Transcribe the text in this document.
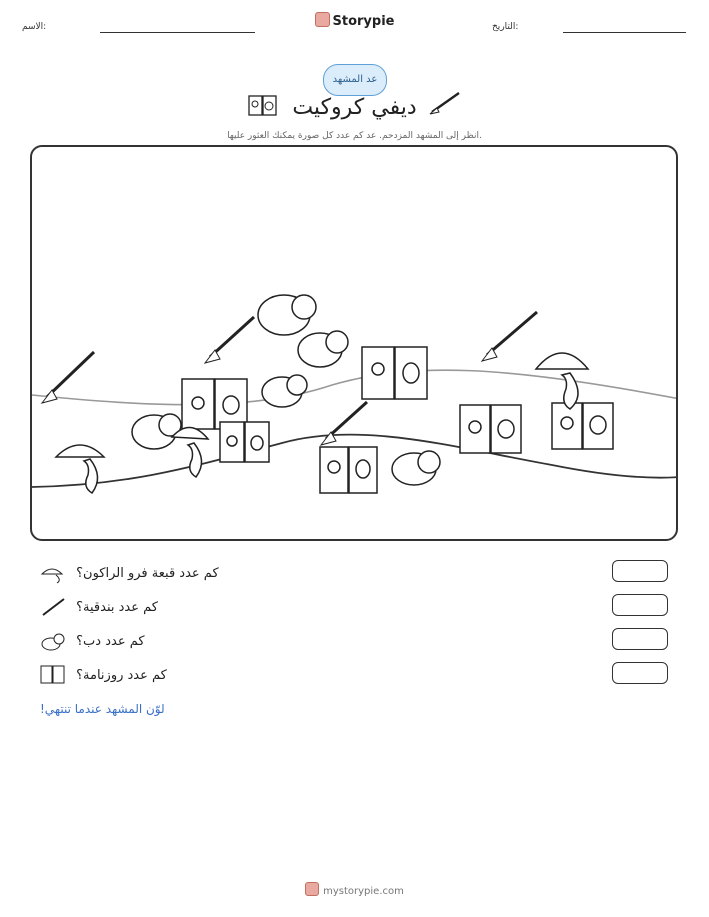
الاسم:	Storypie	التاريخ:
عد المشهد
ديفي كروكيت
انظر إلى المشهد المزدحم. عد كم عدد كل صورة يمكنك العثور عليها.
كم عدد قبعة فرو الراكون؟
كم عدد بندقية؟
كم عدد دب؟
كم عدد روزنامة؟
لوّن المشهد عندما تنتهي!
mystorypie.com
